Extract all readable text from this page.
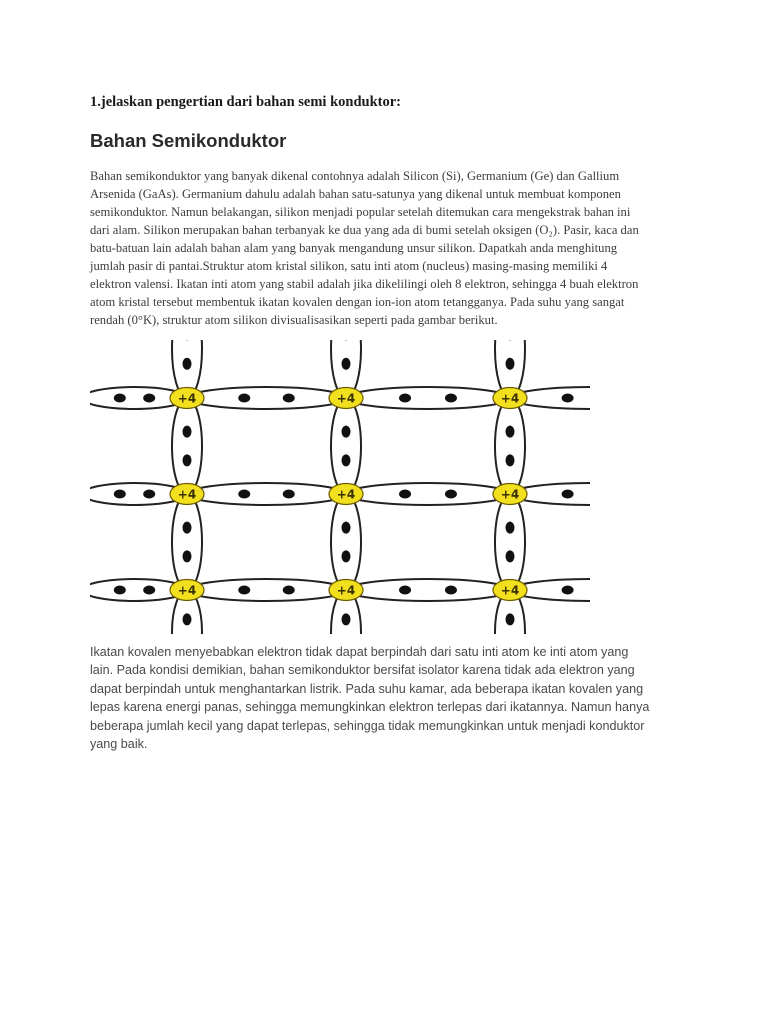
1.jelaskan pengertian dari bahan semi konduktor:

Bahan Semikonduktor

Bahan semikonduktor yang banyak dikenal contohnya adalah Silicon (Si), Germanium (Ge) dan Gallium
Arsenida (GaAs). Germanium dahulu adalah bahan satu-satunya yang dikenal untuk membuat komponen
semikonduktor. Namun belakangan, silikon menjadi popular setelah ditemukan cara mengekstrak bahan ini
dari alam. Silikon merupakan bahan terbanyak ke dua yang ada di bumi setelah oksigen (O₂). Pasir, kaca dan
batu-batuan lain adalah bahan alam yang banyak mengandung unsur silikon. Dapatkah anda menghitung
jumlah pasir di pantai.Struktur atom kristal silikon, satu inti atom (nucleus) masing-masing memiliki 4
elektron valensi. Ikatan inti atom yang stabil adalah jika dikelilingi oleh 8 elektron, sehingga 4 buah elektron
atom kristal tersebut membentuk ikatan kovalen dengan ion-ion atom tetangganya. Pada suhu yang sangat
rendah (0°K), struktur atom silikon divisualisasikan seperti pada gambar berikut.

+4	+4	+4
+4	+4	+4
+4	+4	+4

Ikatan kovalen menyebabkan elektron tidak dapat berpindah dari satu inti atom ke inti atom yang
lain. Pada kondisi demikian, bahan semikonduktor bersifat isolator karena tidak ada elektron yang
dapat berpindah untuk menghantarkan listrik. Pada suhu kamar, ada beberapa ikatan kovalen yang
lepas karena energi panas, sehingga memungkinkan elektron terlepas dari ikatannya. Namun hanya
beberapa jumlah kecil yang dapat terlepas, sehingga tidak memungkinkan untuk menjadi konduktor
yang baik.
